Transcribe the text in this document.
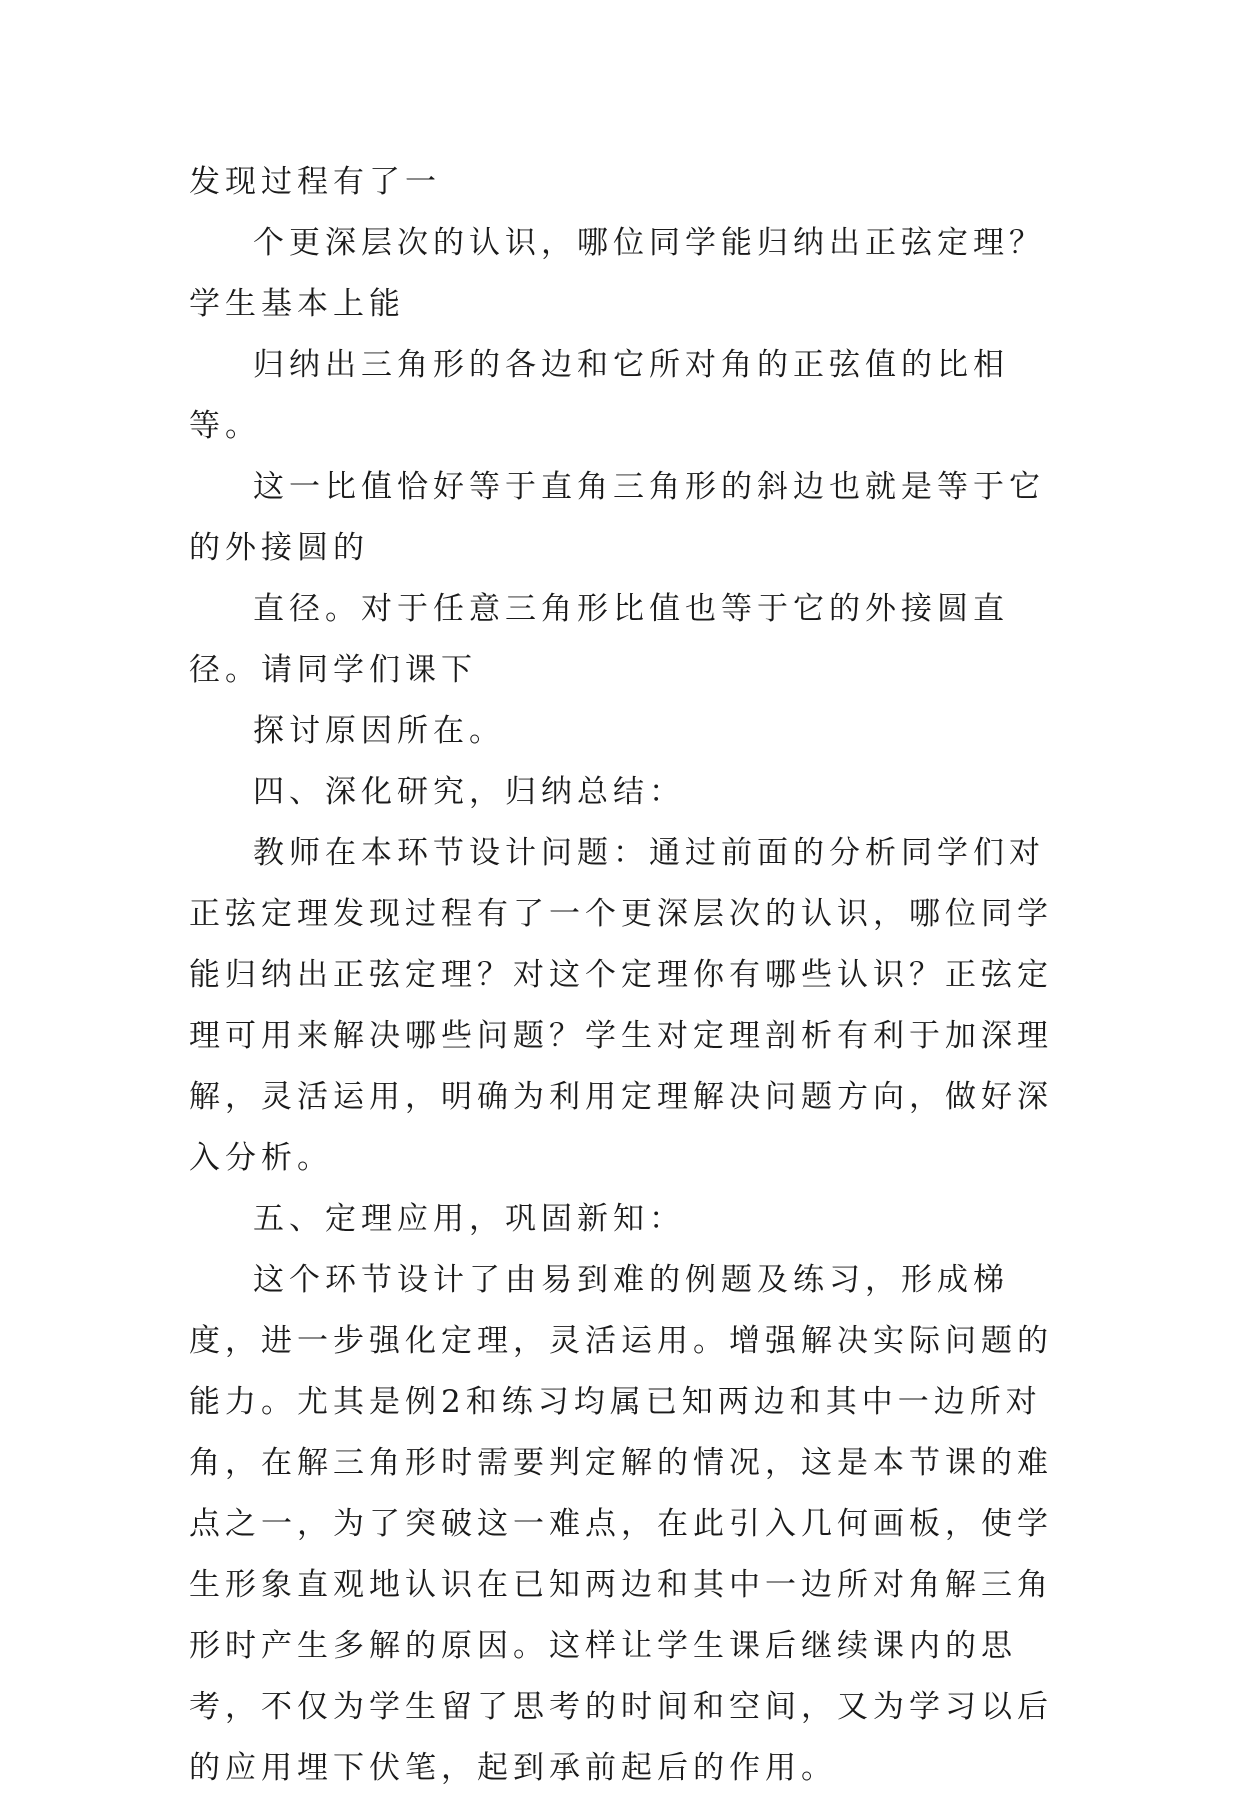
发现过程有了一

个更深层次的认识，哪位同学能归纳出正弦定理？学生基本上能

归纳出三角形的各边和它所对角的正弦值的比相等。

这一比值恰好等于直角三角形的斜边也就是等于它的外接圆的

直径。对于任意三角形比值也等于它的外接圆直径。请同学们课下

探讨原因所在。

四、深化研究，归纳总结：

教师在本环节设计问题：通过前面的分析同学们对正弦定理发现过程有了一个更深层次的认识，哪位同学能归纳出正弦定理？对这个定理你有哪些认识？正弦定理可用来解决哪些问题？学生对定理剖析有利于加深理解，灵活运用，明确为利用定理解决问题方向，做好深入分析。

五、定理应用，巩固新知：

这个环节设计了由易到难的例题及练习，形成梯度，进一步强化定理，灵活运用。增强解决实际问题的能力。尤其是例2和练习均属已知两边和其中一边所对角，在解三角形时需要判定解的情况，这是本节课的难点之一，为了突破这一难点，在此引入几何画板，使学生形象直观地认识在已知两边和其中一边所对角解三角形时产生多解的原因。这样让学生课后继续课内的思考，不仅为学生留了思考的时间和空间，又为学习以后的应用埋下伏笔，起到承前起后的作用。
